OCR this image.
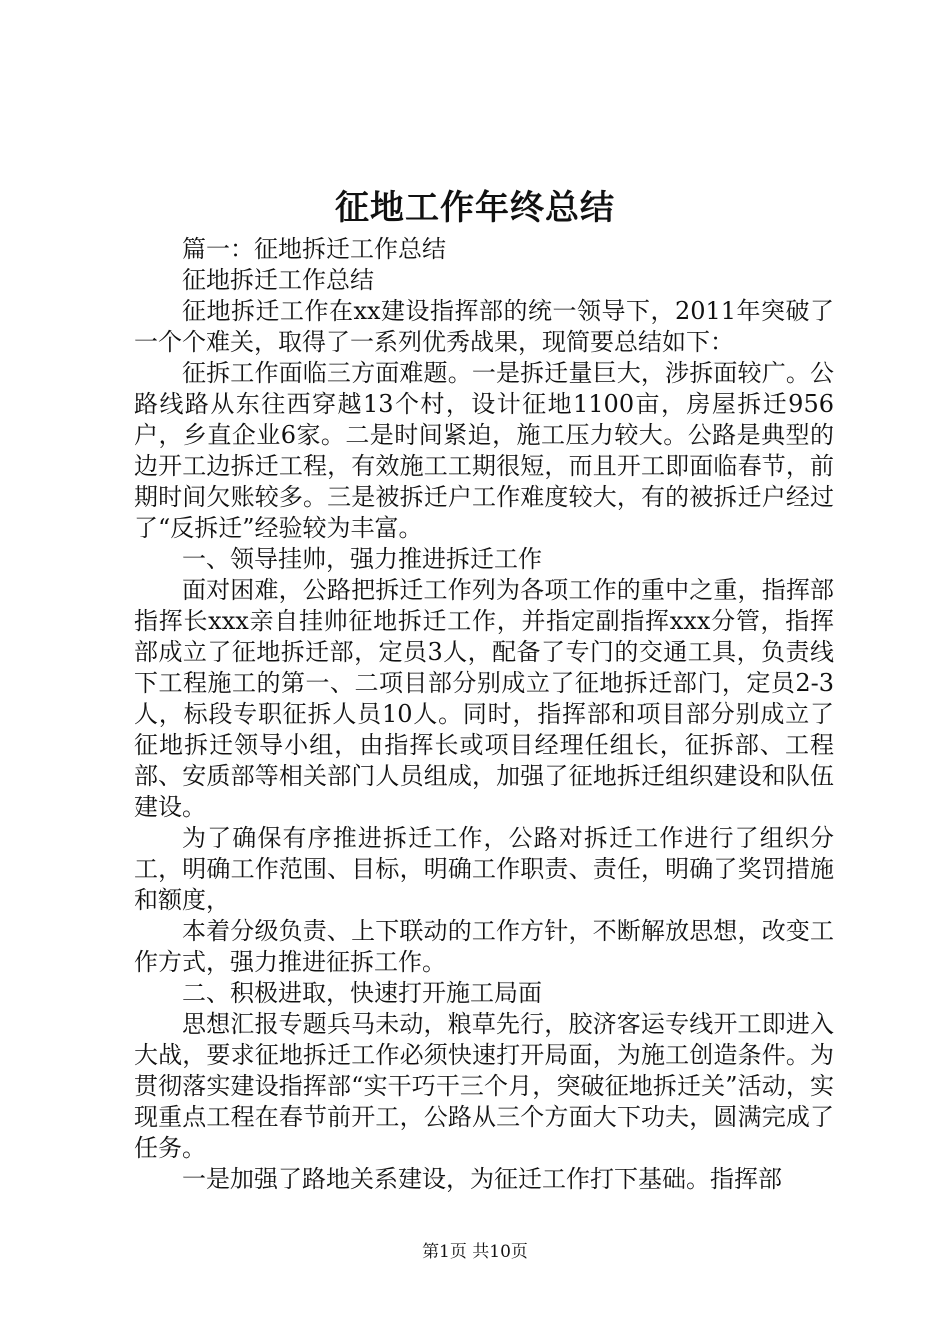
征地工作年终总结

篇一：征地拆迁工作总结

征地拆迁工作总结

征地拆迁工作在xx建设指挥部的统一领导下，2011年突破了一个个难关，取得了一系列优秀战果，现简要总结如下：

征拆工作面临三方面难题。一是拆迁量巨大，涉拆面较广。公路线路从东往西穿越13个村，设计征地1100亩，房屋拆迁956户，乡直企业6家。二是时间紧迫，施工压力较大。公路是典型的边开工边拆迁工程，有效施工工期很短，而且开工即面临春节，前期时间欠账较多。三是被拆迁户工作难度较大，有的被拆迁户经过了“反拆迁”经验较为丰富。

一、领导挂帅，强力推进拆迁工作

面对困难，公路把拆迁工作列为各项工作的重中之重，指挥部指挥长xxx亲自挂帅征地拆迁工作，并指定副指挥xxx分管，指挥部成立了征地拆迁部，定员3人，配备了专门的交通工具，负责线下工程施工的第一、二项目部分别成立了征地拆迁部门，定员2-3人，标段专职征拆人员10人。同时，指挥部和项目部分别成立了征地拆迁领导小组，由指挥长或项目经理任组长，征拆部、工程部、安质部等相关部门人员组成，加强了征地拆迁组织建设和队伍建设。

为了确保有序推进拆迁工作，公路对拆迁工作进行了组织分工，明确工作范围、目标，明确工作职责、责任，明确了奖罚措施和额度，

本着分级负责、上下联动的工作方针，不断解放思想，改变工作方式，强力推进征拆工作。

二、积极进取，快速打开施工局面

思想汇报专题兵马未动，粮草先行，胶济客运专线开工即进入大战，要求征地拆迁工作必须快速打开局面，为施工创造条件。为贯彻落实建设指挥部“实干巧干三个月，突破征地拆迁关”活动，实现重点工程在春节前开工，公路从三个方面大下功夫，圆满完成了任务。

一是加强了路地关系建设，为征迁工作打下基础。指挥部

第1页 共10页
